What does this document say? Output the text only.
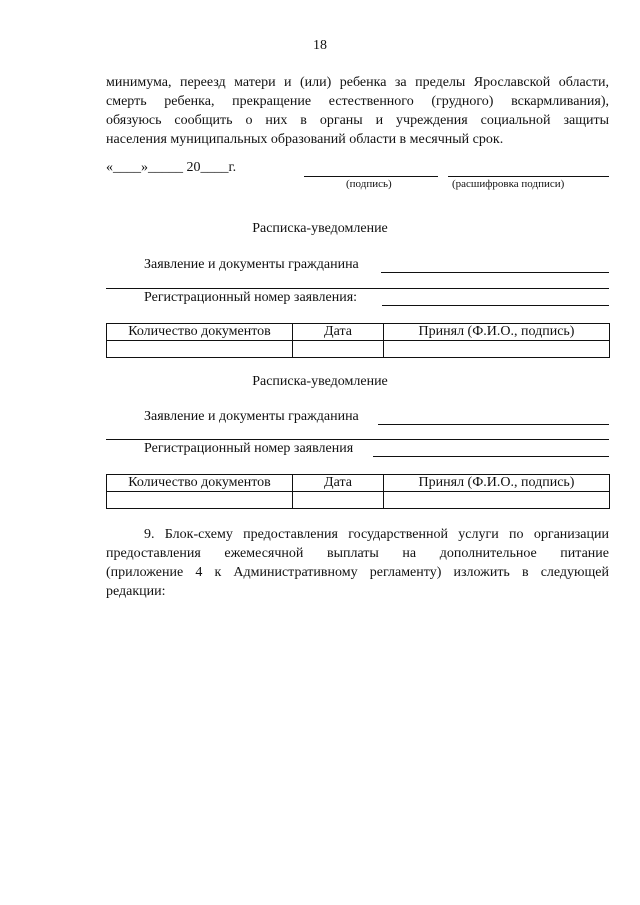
18
минимума, переезд матери и (или) ребенка за пределы Ярославской области,
смерть ребенка, прекращение естественного (грудного) вскармливания),
обязуюсь сообщить о них в органы и учреждения социальной защиты
населения муниципальных образований области в месячный срок.
«____»_____ 20____г.
(подпись)	(расшифровка подписи)
Расписка-уведомление
Заявление и документы гражданина
Регистрационный номер заявления:
Количество документов	Дата	Принял (Ф.И.О., подпись)

Расписка-уведомление
Заявление и документы гражданина
Регистрационный номер заявления
Количество документов	Дата	Принял (Ф.И.О., подпись)

9. Блок-схему предоставления государственной услуги по организации
предоставления ежемесячной выплаты на дополнительное питание
(приложение 4 к Административному регламенту) изложить в следующей
редакции:
